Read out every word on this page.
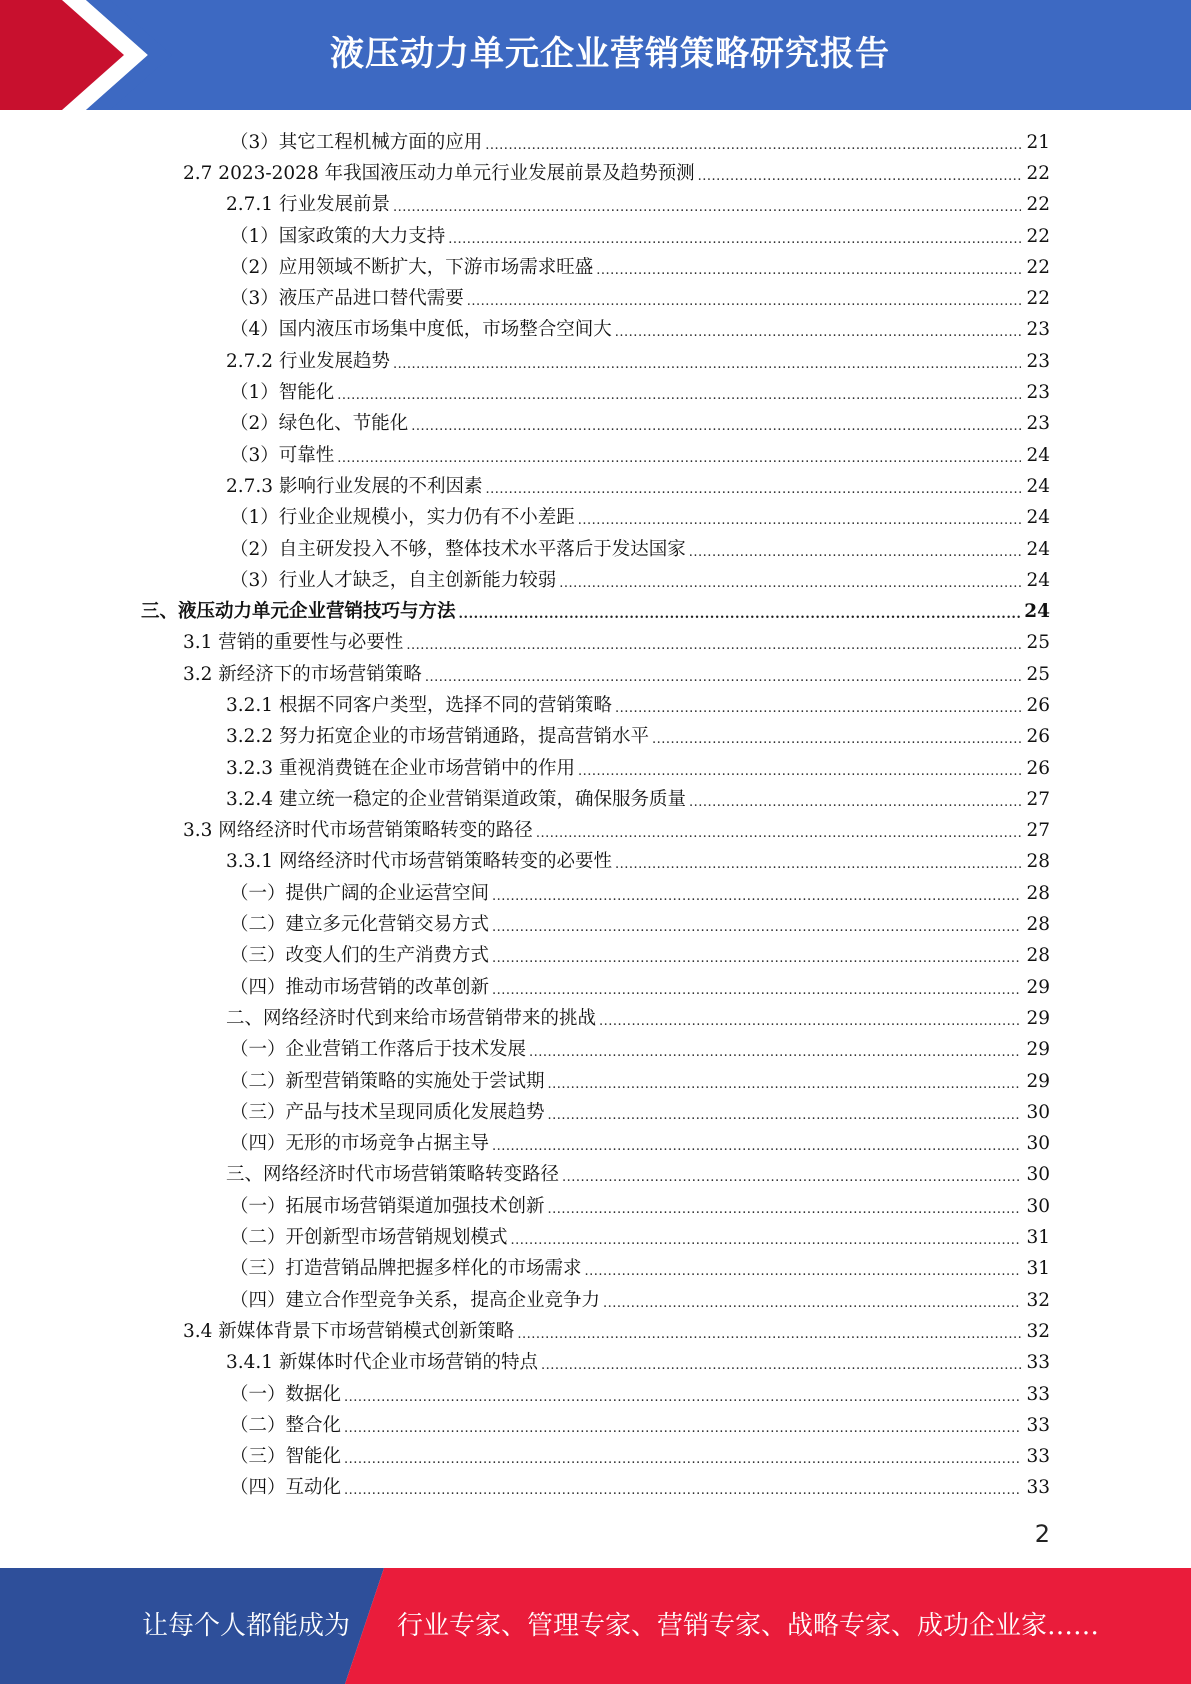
液压动力单元企业营销策略研究报告
（3）其它工程机械方面的应用 .....	21
2.7 2023-2028 年我国液压动力单元行业发展前景及趋势预测 .....	22
2.7.1 行业发展前景 .....	22
（1）国家政策的大力支持 .....	22
（2）应用领域不断扩大，下游市场需求旺盛 .....	22
（3）液压产品进口替代需要 .....	22
（4）国内液压市场集中度低，市场整合空间大 .....	23
2.7.2 行业发展趋势 .....	23
（1）智能化 .....	23
（2）绿色化、节能化 .....	23
（3）可靠性 .....	24
2.7.3 影响行业发展的不利因素 .....	24
（1）行业企业规模小，实力仍有不小差距 .....	24
（2）自主研发投入不够，整体技术水平落后于发达国家 .....	24
（3）行业人才缺乏，自主创新能力较弱 .....	24
三、液压动力单元企业营销技巧与方法 .....	24
3.1 营销的重要性与必要性 .....	25
3.2 新经济下的市场营销策略 .....	25
3.2.1 根据不同客户类型，选择不同的营销策略 .....	26
3.2.2 努力拓宽企业的市场营销通路，提高营销水平 .....	26
3.2.3 重视消费链在企业市场营销中的作用 .....	26
3.2.4 建立统一稳定的企业营销渠道政策，确保服务质量 .....	27
3.3 网络经济时代市场营销策略转变的路径 .....	27
3.3.1 网络经济时代市场营销策略转变的必要性 .....	28
（一）提供广阔的企业运营空间 .....	28
（二）建立多元化营销交易方式 .....	28
（三）改变人们的生产消费方式 .....	28
（四）推动市场营销的改革创新 .....	29
二、网络经济时代到来给市场营销带来的挑战 .....	29
（一）企业营销工作落后于技术发展 .....	29
（二）新型营销策略的实施处于尝试期 .....	29
（三）产品与技术呈现同质化发展趋势 .....	30
（四）无形的市场竞争占据主导 .....	30
三、网络经济时代市场营销策略转变路径 .....	30
（一）拓展市场营销渠道加强技术创新 .....	30
（二）开创新型市场营销规划模式 .....	31
（三）打造营销品牌把握多样化的市场需求 .....	31
（四）建立合作型竞争关系，提高企业竞争力 .....	32
3.4 新媒体背景下市场营销模式创新策略 .....	32
3.4.1 新媒体时代企业市场营销的特点 .....	33
（一）数据化 .....	33
（二）整合化 .....	33
（三）智能化 .....	33
（四）互动化 .....	33
2
让每个人都能成为 行业专家、管理专家、营销专家、战略专家、成功企业家……
